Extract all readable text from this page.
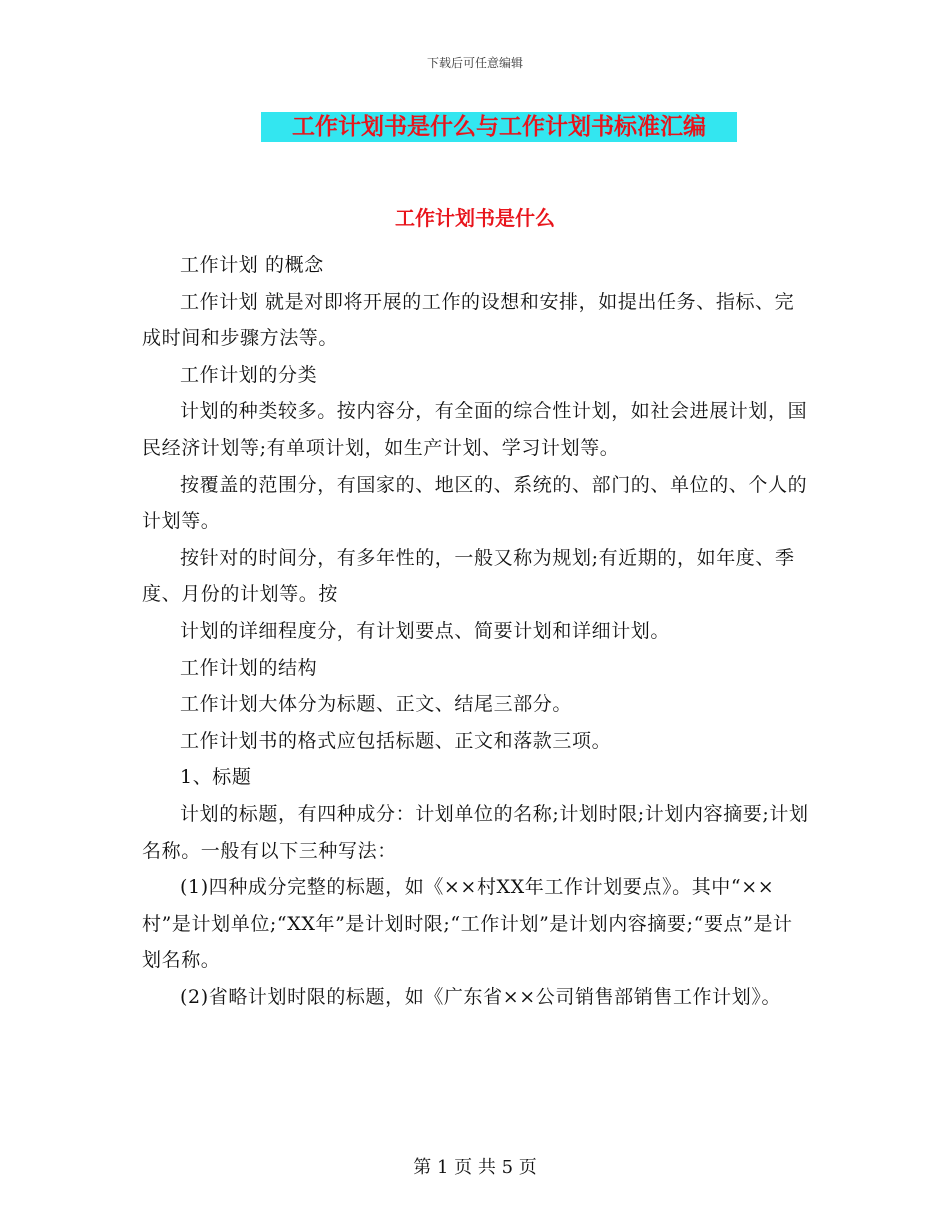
下载后可任意编辑
工作计划书是什么与工作计划书标准汇编
工作计划书是什么

工作计划 的概念

工作计划 就是对即将开展的工作的设想和安排，如提出任务、指标、完成时间和步骤方法等。

工作计划的分类

计划的种类较多。按内容分，有全面的综合性计划，如社会进展计划，国民经济计划等;有单项计划，如生产计划、学习计划等。

按覆盖的范围分，有国家的、地区的、系统的、部门的、单位的、个人的计划等。

按针对的时间分，有多年性的，一般又称为规划;有近期的，如年度、季度、月份的计划等。按

计划的详细程度分，有计划要点、简要计划和详细计划。

工作计划的结构

工作计划大体分为标题、正文、结尾三部分。

工作计划书的格式应包括标题、正文和落款三项。

1、标题

计划的标题，有四种成分：计划单位的名称;计划时限;计划内容摘要;计划名称。一般有以下三种写法：

(1)四种成分完整的标题，如《××村XX年工作计划要点》。其中“××村”是计划单位;“XX年”是计划时限;“工作计划”是计划内容摘要;“要点”是计划名称。

(2)省略计划时限的标题，如《广东省××公司销售部销售工作计划》。

第 1 页 共 5 页
